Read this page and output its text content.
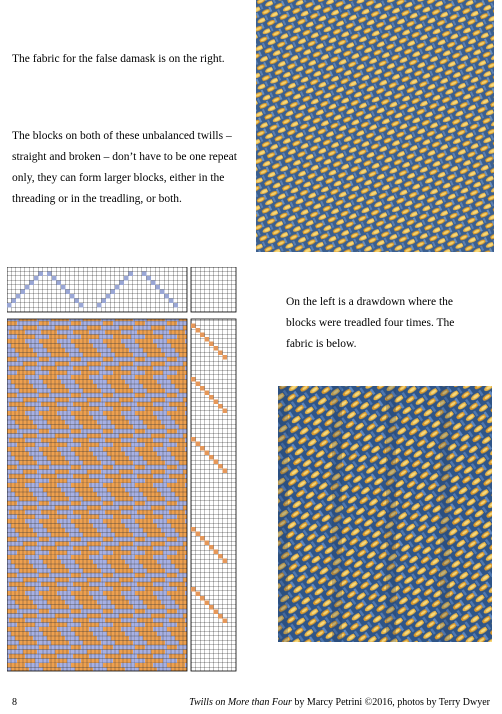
The fabric for the false damask is on the right.

The blocks on both of these unbalanced twills – straight and broken – don’t have to be one repeat only, they can form larger blocks, either in the threading or in the treadling, or both.

On the left is a drawdown where the blocks were treadled four times. The fabric is below.

8	Twills on More than Four by Marcy Petrini ©2016, photos by Terry Dwyer
